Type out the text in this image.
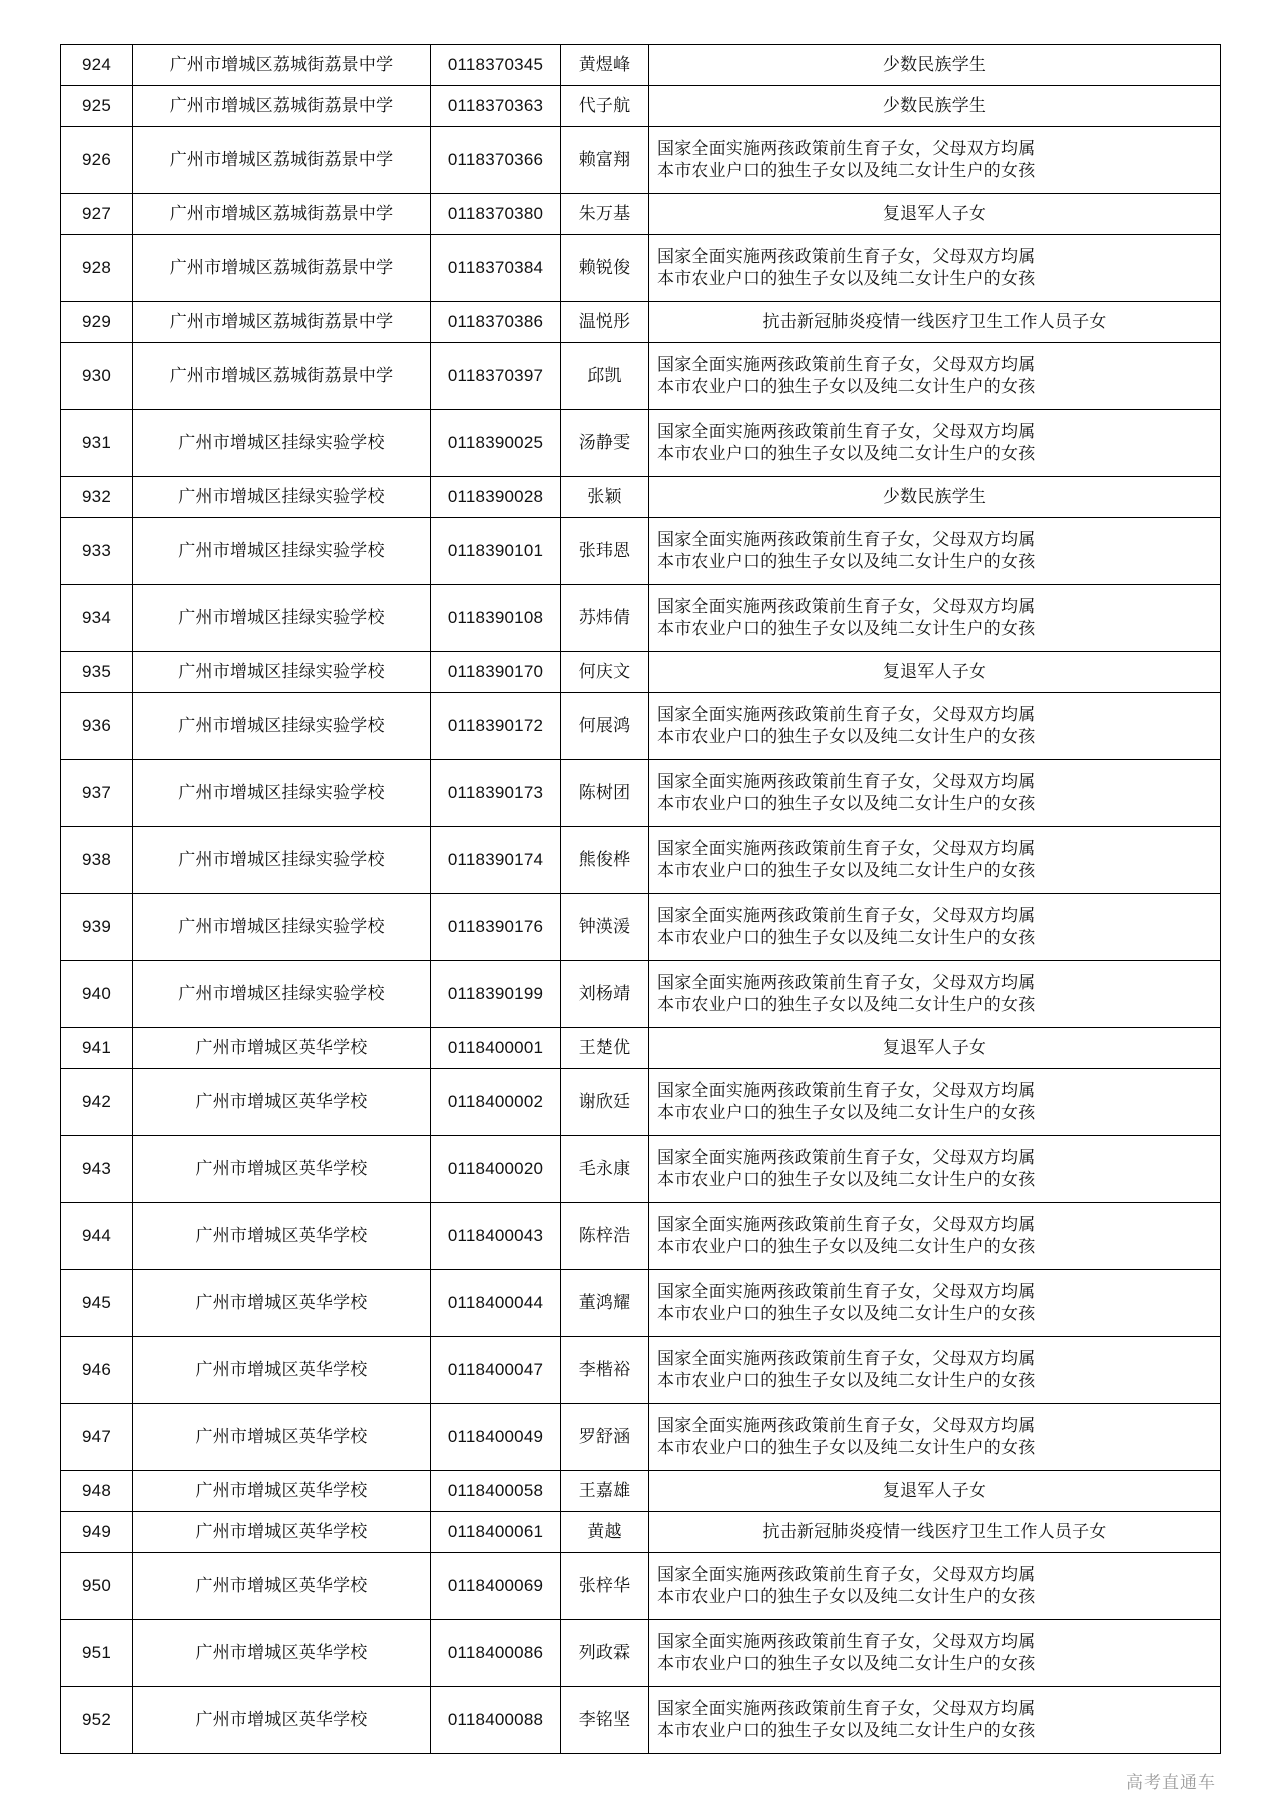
924	广州市增城区荔城街荔景中学	0118370345	黄煜峰	少数民族学生

925	广州市增城区荔城街荔景中学	0118370363	代子航	少数民族学生

926	广州市增城区荔城街荔景中学	0118370366	赖富翔	国家全面实施两孩政策前生育子女，父母双方均属
本市农业户口的独生子女以及纯二女计生户的女孩

927	广州市增城区荔城街荔景中学	0118370380	朱万基	复退军人子女

928	广州市增城区荔城街荔景中学	0118370384	赖锐俊	国家全面实施两孩政策前生育子女，父母双方均属
本市农业户口的独生子女以及纯二女计生户的女孩

929	广州市增城区荔城街荔景中学	0118370386	温悦彤	抗击新冠肺炎疫情一线医疗卫生工作人员子女

930	广州市增城区荔城街荔景中学	0118370397	邱凯	国家全面实施两孩政策前生育子女，父母双方均属
本市农业户口的独生子女以及纯二女计生户的女孩

931	广州市增城区挂绿实验学校	0118390025	汤静雯	国家全面实施两孩政策前生育子女，父母双方均属
本市农业户口的独生子女以及纯二女计生户的女孩

932	广州市增城区挂绿实验学校	0118390028	张颖	少数民族学生

933	广州市增城区挂绿实验学校	0118390101	张玮恩	国家全面实施两孩政策前生育子女，父母双方均属
本市农业户口的独生子女以及纯二女计生户的女孩

934	广州市增城区挂绿实验学校	0118390108	苏炜倩	国家全面实施两孩政策前生育子女，父母双方均属
本市农业户口的独生子女以及纯二女计生户的女孩

935	广州市增城区挂绿实验学校	0118390170	何庆文	复退军人子女

936	广州市增城区挂绿实验学校	0118390172	何展鸿	国家全面实施两孩政策前生育子女，父母双方均属
本市农业户口的独生子女以及纯二女计生户的女孩

937	广州市增城区挂绿实验学校	0118390173	陈树团	国家全面实施两孩政策前生育子女，父母双方均属
本市农业户口的独生子女以及纯二女计生户的女孩

938	广州市增城区挂绿实验学校	0118390174	熊俊桦	国家全面实施两孩政策前生育子女，父母双方均属
本市农业户口的独生子女以及纯二女计生户的女孩

939	广州市增城区挂绿实验学校	0118390176	钟渶湲	国家全面实施两孩政策前生育子女，父母双方均属
本市农业户口的独生子女以及纯二女计生户的女孩

940	广州市增城区挂绿实验学校	0118390199	刘杨靖	国家全面实施两孩政策前生育子女，父母双方均属
本市农业户口的独生子女以及纯二女计生户的女孩

941	广州市增城区英华学校	0118400001	王楚优	复退军人子女

942	广州市增城区英华学校	0118400002	谢欣廷	国家全面实施两孩政策前生育子女，父母双方均属
本市农业户口的独生子女以及纯二女计生户的女孩

943	广州市增城区英华学校	0118400020	毛永康	国家全面实施两孩政策前生育子女，父母双方均属
本市农业户口的独生子女以及纯二女计生户的女孩

944	广州市增城区英华学校	0118400043	陈梓浩	国家全面实施两孩政策前生育子女，父母双方均属
本市农业户口的独生子女以及纯二女计生户的女孩

945	广州市增城区英华学校	0118400044	董鸿耀	国家全面实施两孩政策前生育子女，父母双方均属
本市农业户口的独生子女以及纯二女计生户的女孩

946	广州市增城区英华学校	0118400047	李楷裕	国家全面实施两孩政策前生育子女，父母双方均属
本市农业户口的独生子女以及纯二女计生户的女孩

947	广州市增城区英华学校	0118400049	罗舒涵	国家全面实施两孩政策前生育子女，父母双方均属
本市农业户口的独生子女以及纯二女计生户的女孩

948	广州市增城区英华学校	0118400058	王嘉雄	复退军人子女

949	广州市增城区英华学校	0118400061	黄越	抗击新冠肺炎疫情一线医疗卫生工作人员子女

950	广州市增城区英华学校	0118400069	张梓华	国家全面实施两孩政策前生育子女，父母双方均属
本市农业户口的独生子女以及纯二女计生户的女孩

951	广州市增城区英华学校	0118400086	列政霖	国家全面实施两孩政策前生育子女，父母双方均属
本市农业户口的独生子女以及纯二女计生户的女孩

952	广州市增城区英华学校	0118400088	李铭坚	国家全面实施两孩政策前生育子女，父母双方均属
本市农业户口的独生子女以及纯二女计生户的女孩
高考直通车
